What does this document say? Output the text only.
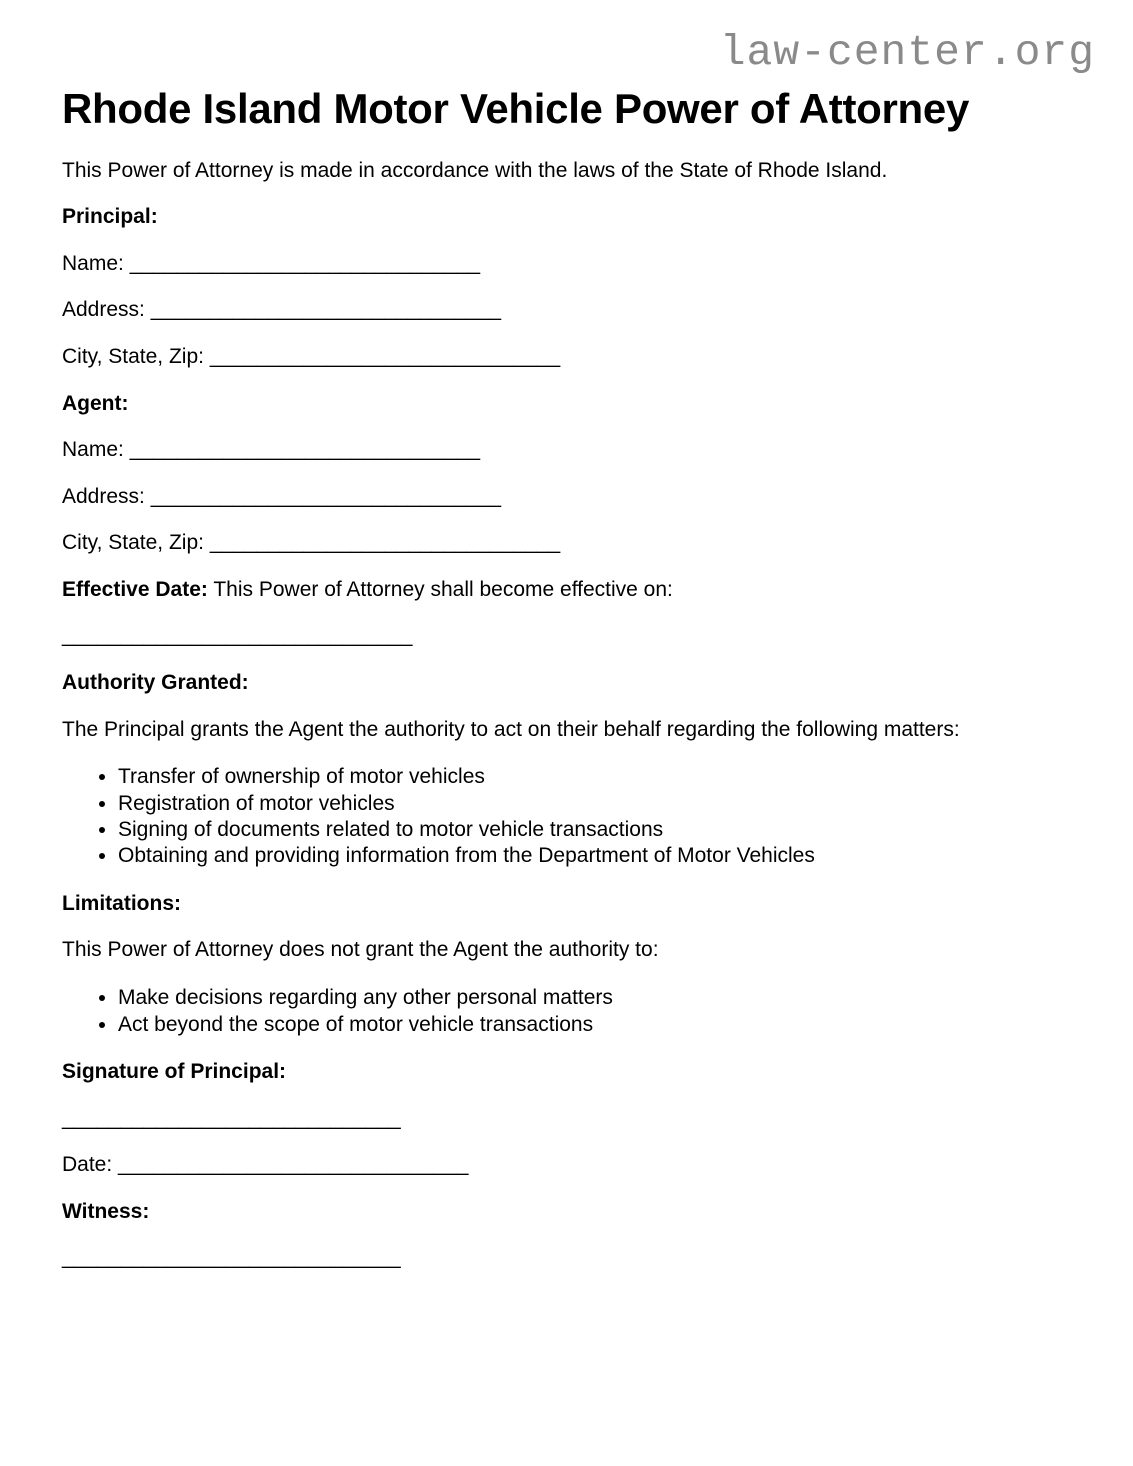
law-center.org

Rhode Island Motor Vehicle Power of Attorney

This Power of Attorney is made in accordance with the laws of the State of Rhode Island.

Principal:

Name: ______________________________

Address: ______________________________

City, State, Zip: ______________________________

Agent:

Name: ______________________________

Address: ______________________________

City, State, Zip: ______________________________

Effective Date: This Power of Attorney shall become effective on:

______________________________

Authority Granted:

The Principal grants the Agent the authority to act on their behalf regarding the following matters:

• Transfer of ownership of motor vehicles
• Registration of motor vehicles
• Signing of documents related to motor vehicle transactions
• Obtaining and providing information from the Department of Motor Vehicles

Limitations:

This Power of Attorney does not grant the Agent the authority to:

• Make decisions regarding any other personal matters
• Act beyond the scope of motor vehicle transactions

Signature of Principal:

_____________________________

Date: ______________________________

Witness:

_____________________________
